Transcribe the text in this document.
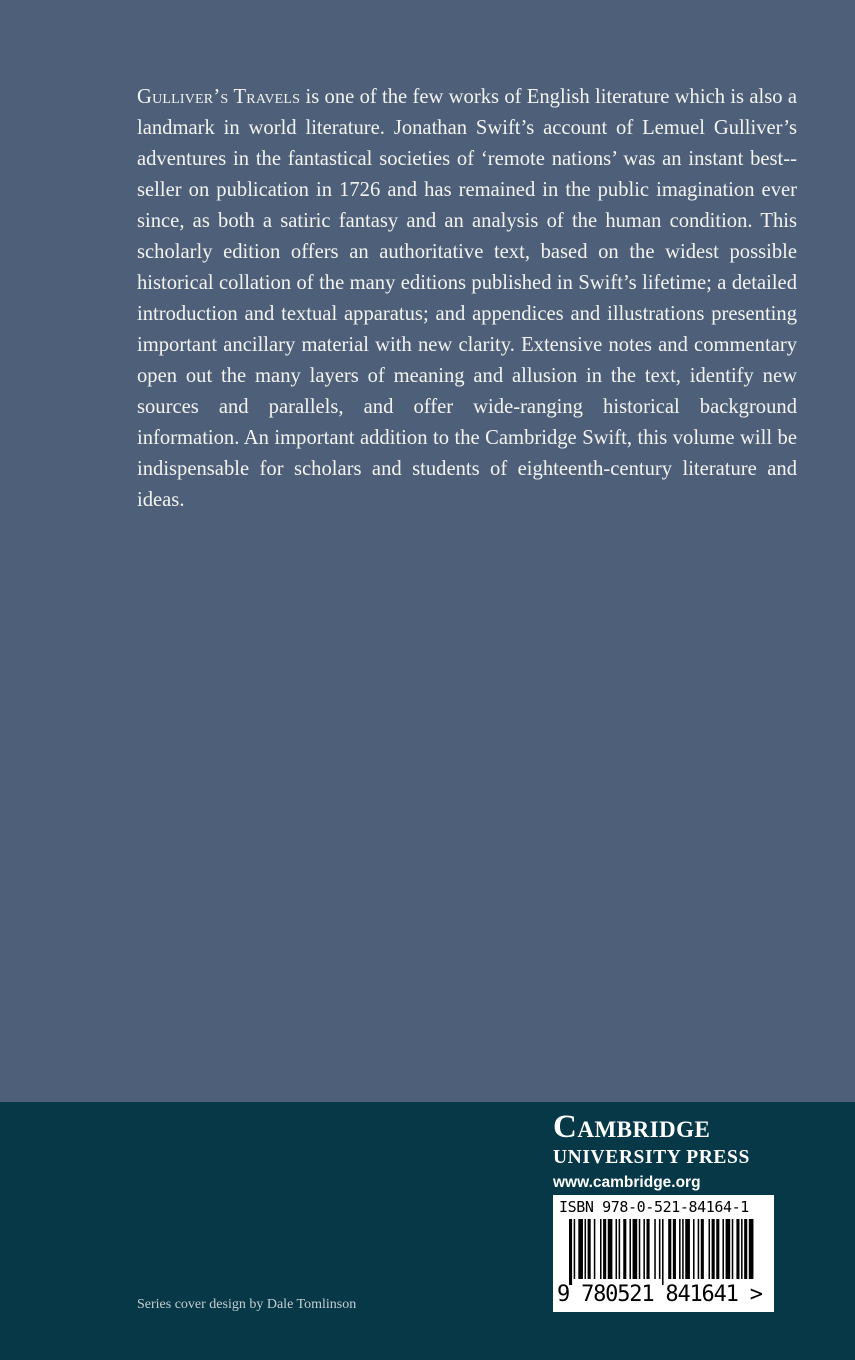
Gulliver’s Travels is one of the few works of English literature which is also a landmark in world literature. Jonathan Swift’s account of Lemuel Gulliver’s adventures in the fantastical societies of ‘remote nations’ was an instant best-seller on publication in 1726 and has remained in the public imagination ever since, as both a satiric fantasy and an analysis of the human condition. This scholarly edition offers an authoritative text, based on the widest possible historical collation of the many editions published in Swift’s lifetime; a detailed introduction and textual apparatus; and appendices and illustrations presenting important ancillary material with new clarity. Extensive notes and commentary open out the many layers of meaning and allusion in the text, identify new sources and parallels, and offer wide-ranging historical background information. An important addition to the Cambridge Swift, this volume will be indispensable for scholars and students of eighteenth-century literature and ideas.

Cambridge
UNIVERSITY PRESS
www.cambridge.org
ISBN 978-0-521-84164-1
9 780521 841641 >
Series cover design by Dale Tomlinson
